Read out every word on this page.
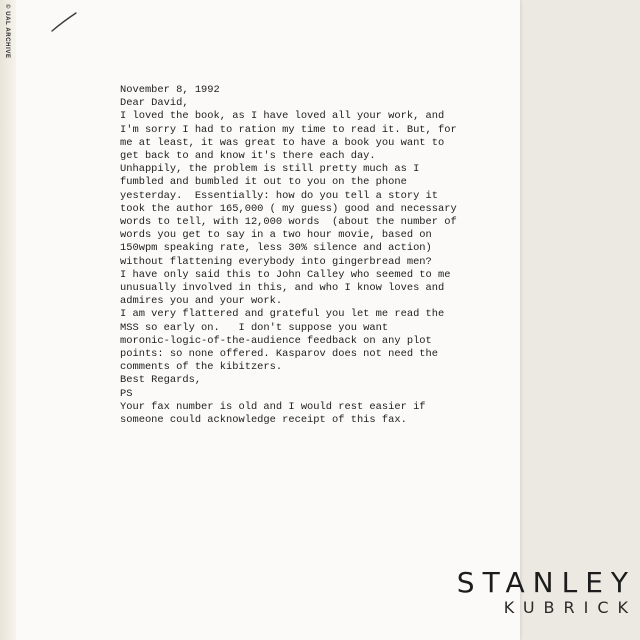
© UAL ARCHIVE

November 8, 1992

Dear David,

I loved the book, as I have loved all your work, and
I'm sorry I had to ration my time to read it. But, for
me at least, it was great to have a book you want to
get back to and know it's there each day.

Unhappily, the problem is still pretty much as I
fumbled and bumbled it out to you on the phone
yesterday.  Essentially: how do you tell a story it
took the author 165,000 ( my guess) good and necessary
words to tell, with 12,000 words  (about the number of
words you get to say in a two hour movie, based on
150wpm speaking rate, less 30% silence and action)
without flattening everybody into gingerbread men?

I have only said this to John Calley who seemed to me
unusually involved in this, and who I know loves and
admires you and your work.

I am very flattered and grateful you let me read the
MSS so early on.   I don't suppose you want
moronic-logic-of-the-audience feedback on any plot
points: so none offered. Kasparov does not need the
comments of the kibitzers.

Best Regards,

PS

Your fax number is old and I would rest easier if
someone could acknowledge receipt of this fax.

STANLEY
KUBRICK
